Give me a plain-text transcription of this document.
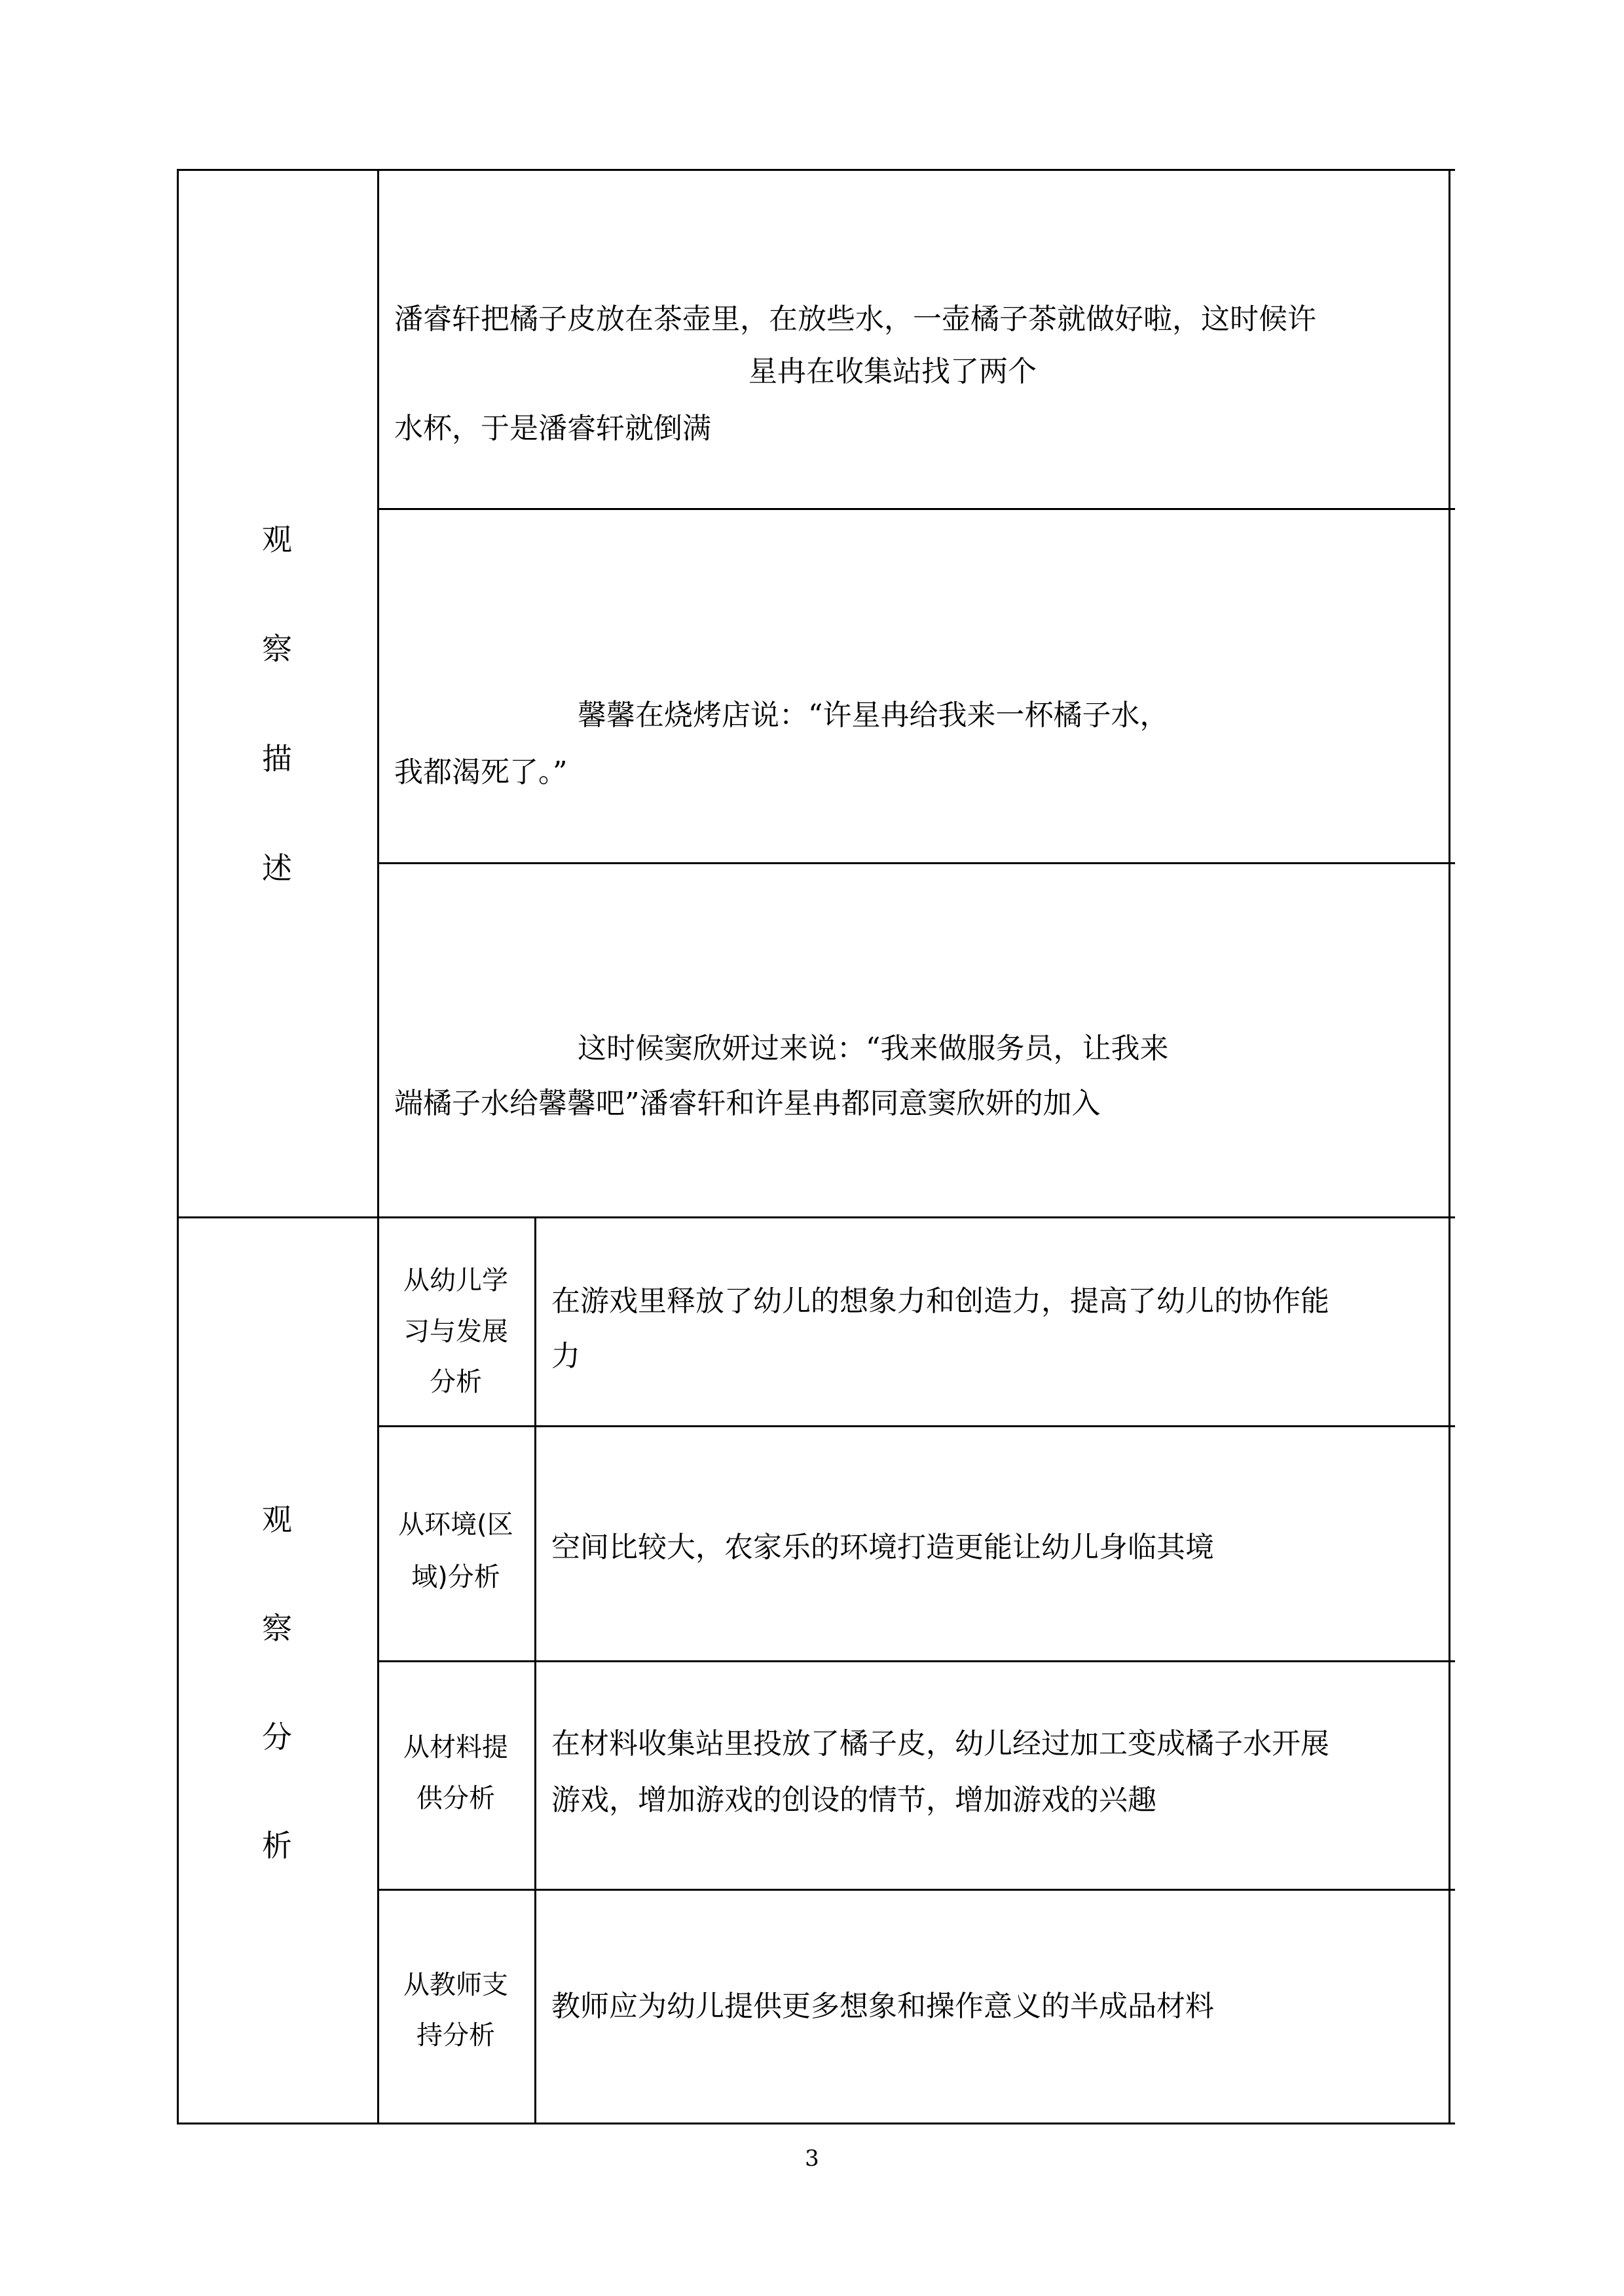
观
察
描
述
潘睿轩把橘子皮放在茶壶里，在放些水，一壶橘子茶就做好啦，这时候许
星冉在收集站找了两个
水杯，于是潘睿轩就倒满
馨馨在烧烤店说：“许星冉给我来一杯橘子水，
我都渴死了。”
这时候窦欣妍过来说：“我来做服务员，让我来
端橘子水给馨馨吧”潘睿轩和许星冉都同意窦欣妍的加入
观
察
分
析
从幼儿学
习与发展
分析
在游戏里释放了幼儿的想象力和创造力，提高了幼儿的协作能
力
从环境(区
域)分析
空间比较大，农家乐的环境打造更能让幼儿身临其境
从材料提
供分析
在材料收集站里投放了橘子皮，幼儿经过加工变成橘子水开展
游戏，增加游戏的创设的情节，增加游戏的兴趣
从教师支
持分析
教师应为幼儿提供更多想象和操作意义的半成品材料
3
